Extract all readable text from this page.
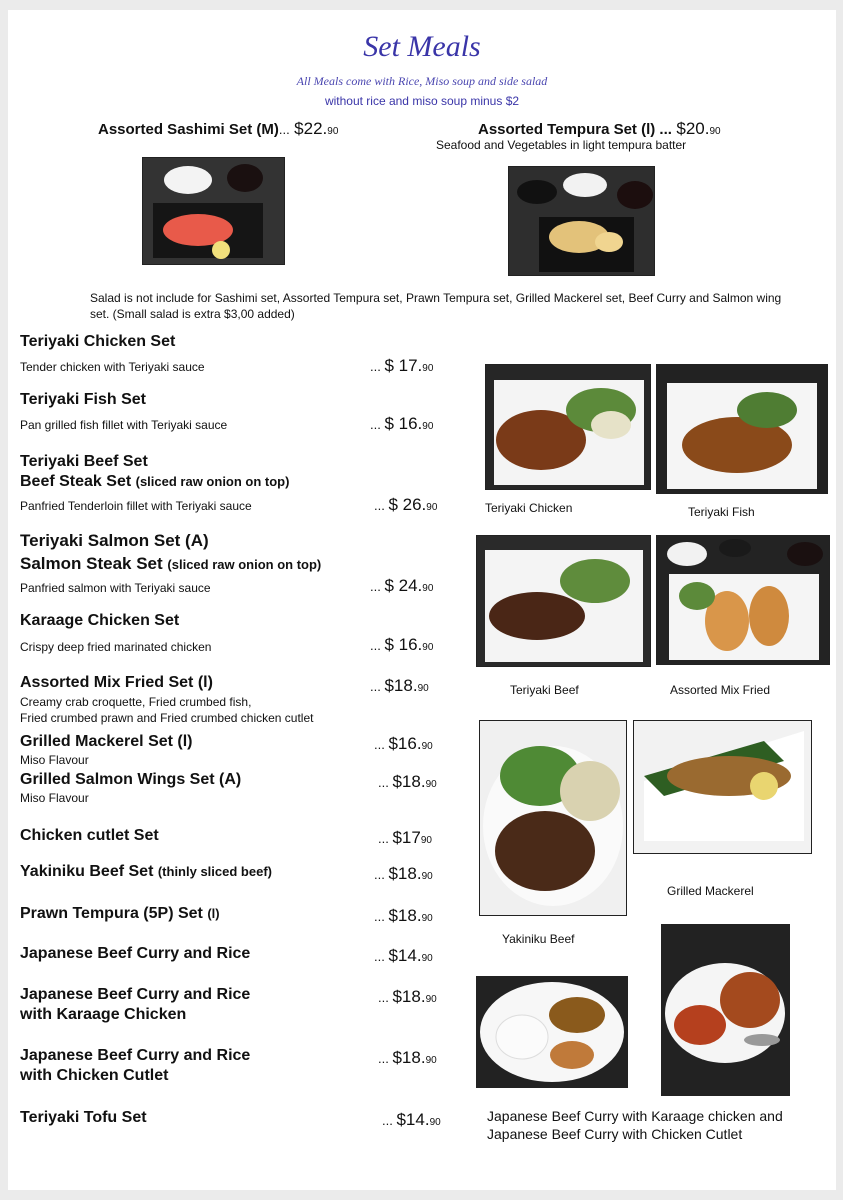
Set Meals
All Meals come with Rice, Miso soup and side salad
without rice and miso soup minus $2
Assorted Sashimi Set (M)... $22.90	Assorted Tempura Set (l) ... $20.90
Seafood and Vegetables in light tempura batter
Salad is not include for Sashimi set, Assorted Tempura set, Prawn Tempura set, Grilled Mackerel set, Beef Curry and Salmon wing set. (Small salad is extra $3,00 added)
Teriyaki Chicken Set
Tender chicken with Teriyaki sauce	... $ 17.90
Teriyaki Fish Set
Pan grilled fish fillet with Teriyaki sauce	... $ 16.90
Teriyaki Beef Set
Beef Steak Set (sliced raw onion on top)
Panfried Tenderloin fillet with Teriyaki sauce	... $ 26.90
Teriyaki Salmon Set (A)
Salmon Steak Set (sliced raw onion on top)
Panfried salmon with Teriyaki sauce	... $ 24.90
Karaage Chicken Set
Crispy deep fried marinated chicken	... $ 16.90
Assorted Mix Fried Set (l)
Creamy crab croquette, Fried crumbed fish,
Fried crumbed prawn and Fried crumbed chicken cutlet
... $18.90
Grilled Mackerel Set (l)
Miso Flavour
... $16.90
Grilled Salmon Wings Set (A)
Miso Flavour
... $18.90
Chicken cutlet Set	... $1790
Yakiniku Beef Set (thinly sliced beef)	... $18.90
Prawn Tempura (5P) Set (l)	... $18.90
Japanese Beef Curry and Rice	... $14.90
Japanese Beef Curry and Rice
with Karaage Chicken
... $18.90
Japanese Beef Curry and Rice
with Chicken Cutlet
... $18.90
Teriyaki Tofu Set	... $14.90
Teriyaki Chicken	Teriyaki Fish
Teriyaki Beef	Assorted Mix Fried
Grilled Mackerel
Yakiniku Beef
Japanese Beef Curry with Karaage chicken and
Japanese Beef Curry with Chicken Cutlet
